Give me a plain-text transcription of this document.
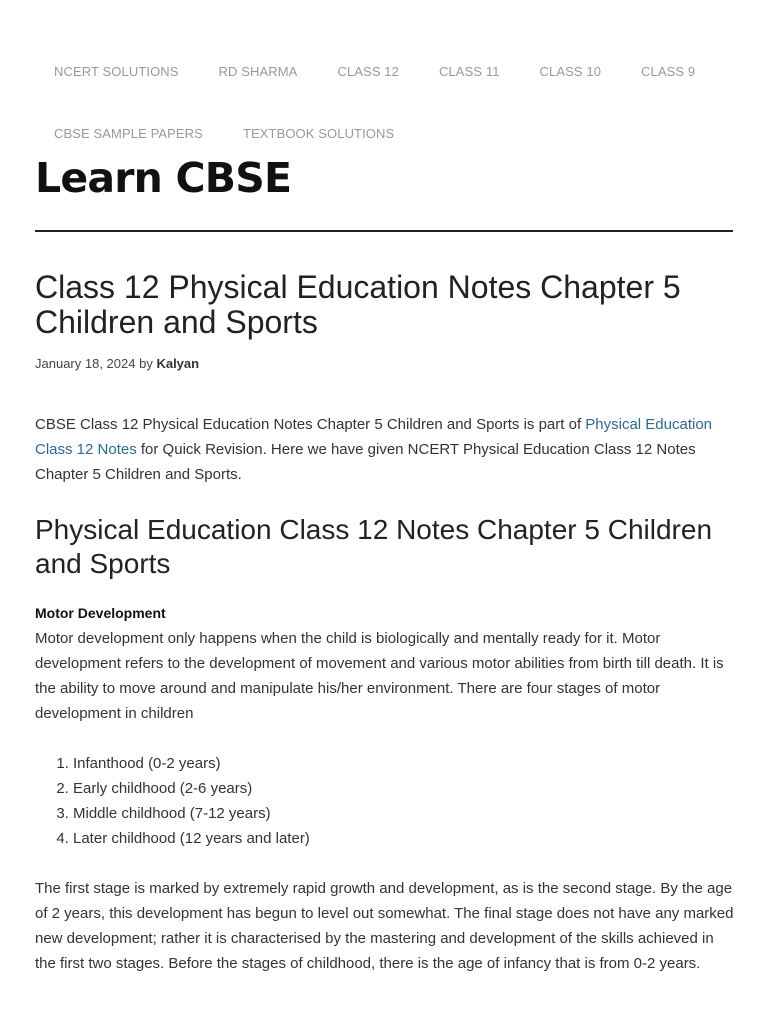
NCERT SOLUTIONS	RD SHARMA	CLASS 12	CLASS 11	CLASS 10	CLASS 9
CBSE SAMPLE PAPERS	TEXTBOOK SOLUTIONS
Learn CBSE
Class 12 Physical Education Notes Chapter 5 Children and Sports
January 18, 2024 by Kalyan

CBSE Class 12 Physical Education Notes Chapter 5 Children and Sports is part of Physical Education Class 12 Notes for Quick Revision. Here we have given NCERT Physical Education Class 12 Notes Chapter 5 Children and Sports.

Physical Education Class 12 Notes Chapter 5 Children and Sports
Motor Development

Motor development only happens when the child is biologically and mentally ready for it. Motor development refers to the development of movement and various motor abilities from birth till death. It is the ability to move around and manipulate his/her environment. There are four stages of motor development in children

1. Infanthood (0-2 years)
2. Early childhood (2-6 years)
3. Middle childhood (7-12 years)
4. Later childhood (12 years and later)

The first stage is marked by extremely rapid growth and development, as is the second stage. By the age of 2 years, this development has begun to level out somewhat. The final stage does not have any marked new development; rather it is characterised by the mastering and development of the skills achieved in the first two stages. Before the stages of childhood, there is the age of infancy that is from 0-2 years.
